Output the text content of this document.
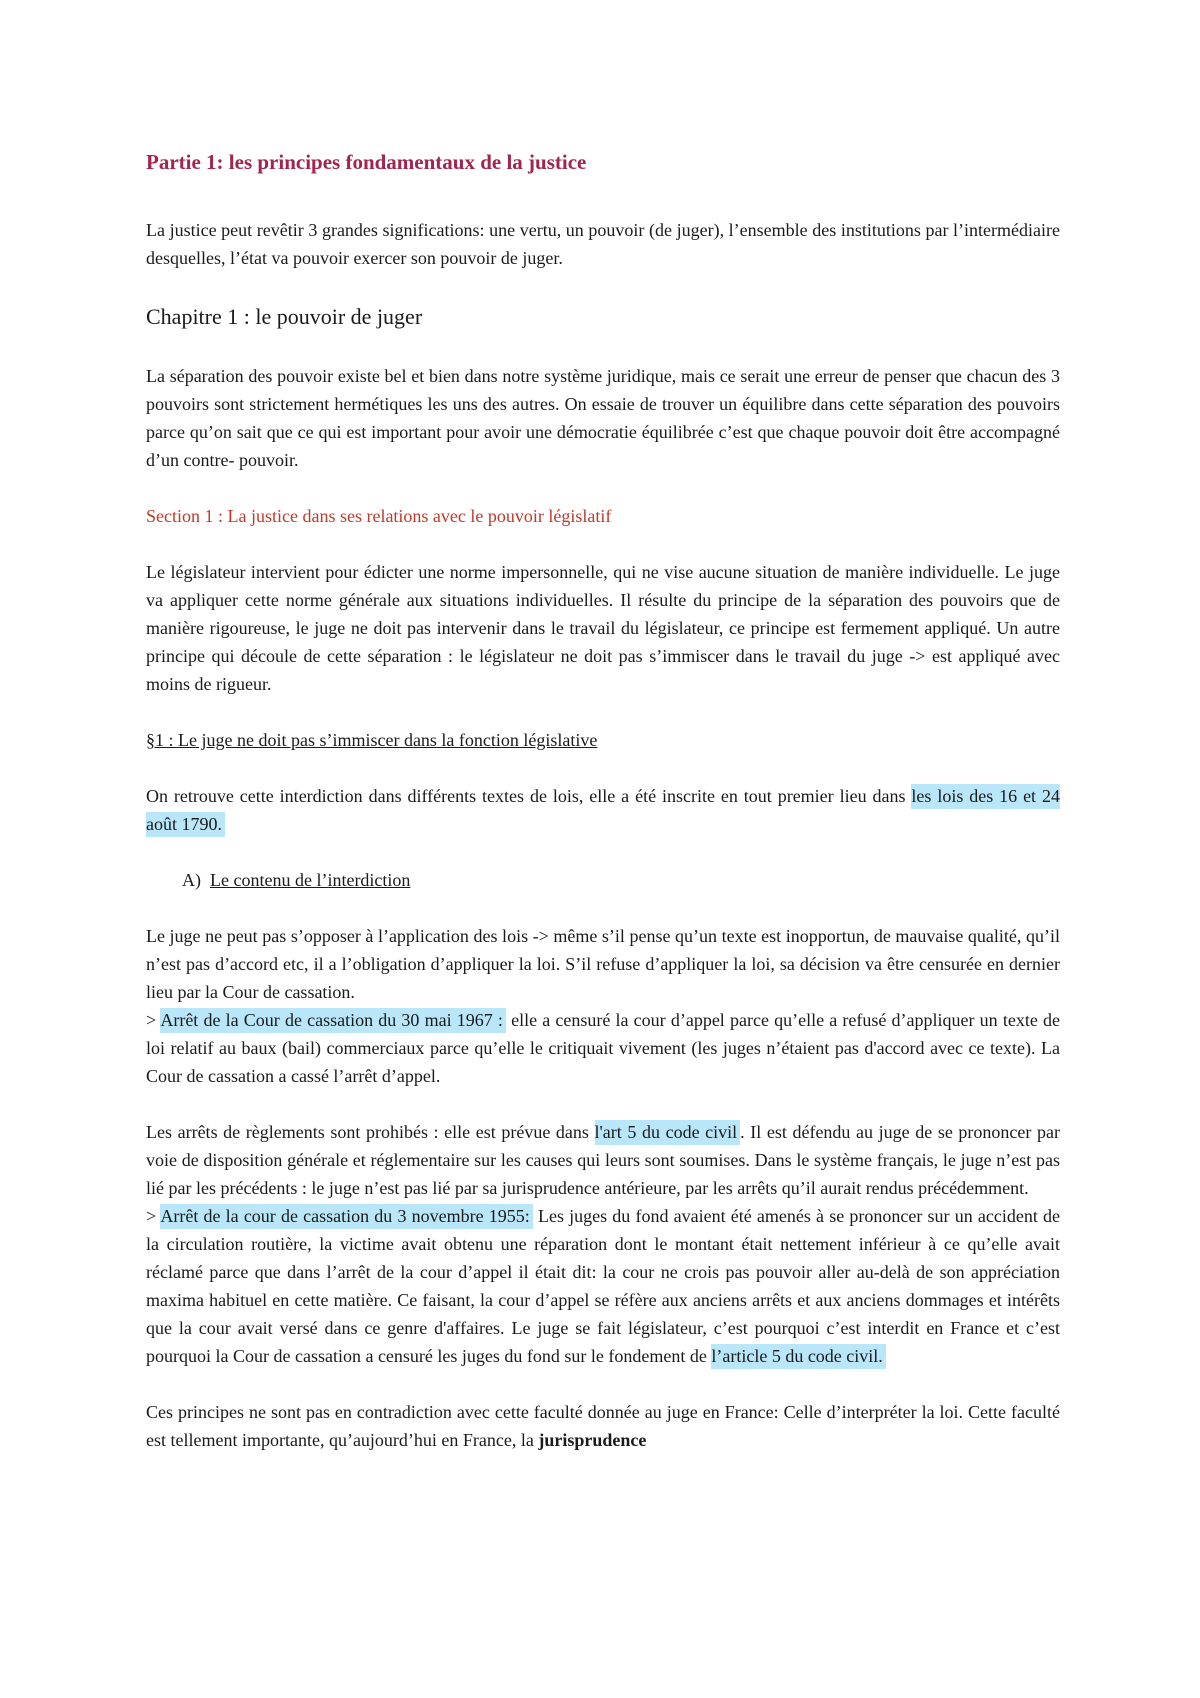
Partie 1: les principes fondamentaux de la justice

La justice peut revêtir 3 grandes significations: une vertu, un pouvoir (de juger), l’ensemble des institutions par l’intermédiaire desquelles, l’état va pouvoir exercer son pouvoir de juger.

Chapitre 1 : le pouvoir de juger

La séparation des pouvoir existe bel et bien dans notre système juridique, mais ce serait une erreur de penser que chacun des 3 pouvoirs sont strictement hermétiques les uns des autres. On essaie de trouver un équilibre dans cette séparation des pouvoirs parce qu’on sait que ce qui est important pour avoir une démocratie équilibrée c’est que chaque pouvoir doit être accompagné d’un contre- pouvoir.

Section 1 : La justice dans ses relations avec le pouvoir législatif

Le législateur intervient pour édicter une norme impersonnelle, qui ne vise aucune situation de manière individuelle. Le juge va appliquer cette norme générale aux situations individuelles. Il résulte du principe de la séparation des pouvoirs que de manière rigoureuse, le juge ne doit pas intervenir dans le travail du législateur, ce principe est fermement appliqué. Un autre principe qui découle de cette séparation : le législateur ne doit pas s’immiscer dans le travail du juge -> est appliqué avec moins de rigueur.

§1 : Le juge ne doit pas s’immiscer dans la fonction législative

On retrouve cette interdiction dans différents textes de lois, elle a été inscrite en tout premier lieu dans les lois des 16 et 24 août 1790.

A) Le contenu de l’interdiction

Le juge ne peut pas s’opposer à l’application des lois -> même s’il pense qu’un texte est inopportun, de mauvaise qualité, qu’il n’est pas d’accord etc, il a l’obligation d’appliquer la loi. S’il refuse d’appliquer la loi, sa décision va être censurée en dernier lieu par la Cour de cassation.
> Arrêt de la Cour de cassation du 30 mai 1967 : elle a censuré la cour d’appel parce qu’elle a refusé d’appliquer un texte de loi relatif au baux (bail) commerciaux parce qu’elle le critiquait vivement (les juges n’étaient pas d'accord avec ce texte). La Cour de cassation a cassé l’arrêt d’appel.

Les arrêts de règlements sont prohibés : elle est prévue dans l'art 5 du code civil . Il est défendu au juge de se prononcer par voie de disposition générale et réglementaire sur les causes qui leurs sont soumises. Dans le système français, le juge n’est pas lié par les précédents : le juge n’est pas lié par sa jurisprudence antérieure, par les arrêts qu’il aurait rendus précédemment.
> Arrêt de la cour de cassation du 3 novembre 1955: Les juges du fond avaient été amenés à se prononcer sur un accident de la circulation routière, la victime avait obtenu une réparation dont le montant était nettement inférieur à ce qu’elle avait réclamé parce que dans l’arrêt de la cour d’appel il était dit: la cour ne crois pas pouvoir aller au-delà de son appréciation maxima habituel en cette matière. Ce faisant, la cour d’appel se réfère aux anciens arrêts et aux anciens dommages et intérêts que la cour avait versé dans ce genre d'affaires. Le juge se fait législateur, c’est pourquoi c’est interdit en France et c’est pourquoi la Cour de cassation a censuré les juges du fond sur le fondement de l’article 5 du code civil.

Ces principes ne sont pas en contradiction avec cette faculté donnée au juge en France: Celle d’interpréter la loi. Cette faculté est tellement importante, qu’aujourd’hui en France, la jurisprudence
